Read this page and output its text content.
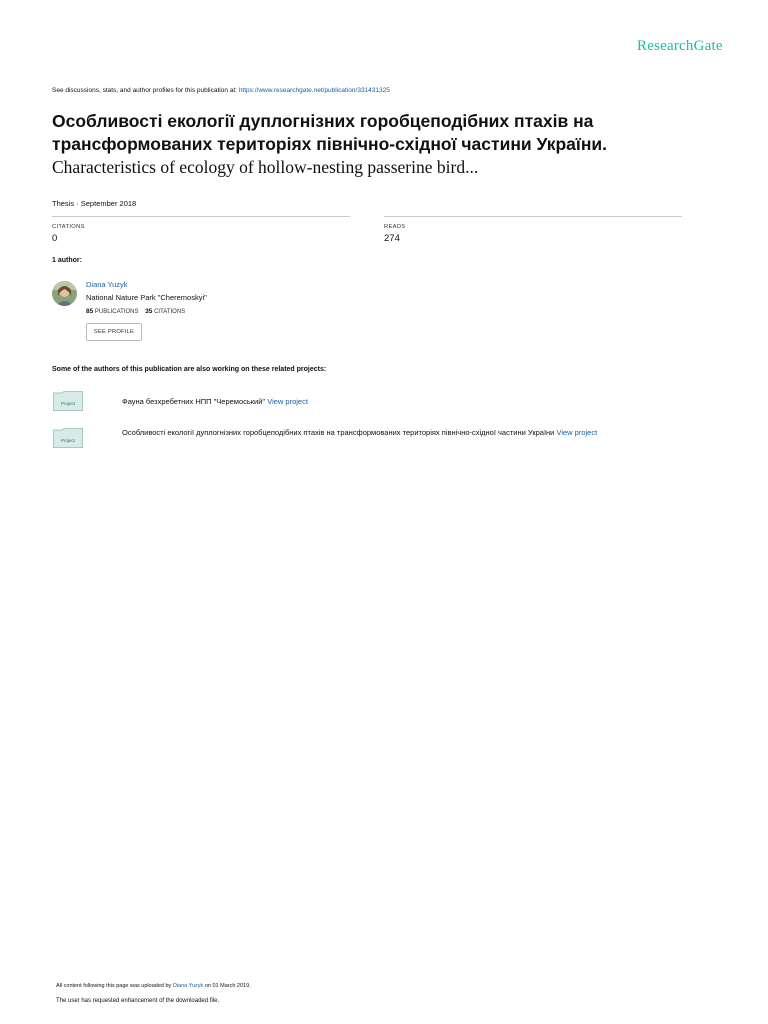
ResearchGate
See discussions, stats, and author profiles for this publication at: https://www.researchgate.net/publication/331431325
Особливості екології дуплогнізних горобцеподібних птахів на трансформованих територіях північно-східної частини України.
Characteristics of ecology of hollow-nesting passerine bird...
Thesis · September 2018
CITATIONS
0
READS
274
1 author:
Diana Yuzyk
National Nature Park "Cheremoskyi"
85 PUBLICATIONS 35 CITATIONS
SEE PROFILE
Some of the authors of this publication are also working on these related projects:
Project	Фауна безхребетних НПП "Черемоський" View project
Project
Особливості екології дуплогнізних горобцеподібних птахів на трансформованих територіях північно-східної частини України View project
All content following this page was uploaded by Diana Yuzyk on 01 March 2019.
The user has requested enhancement of the downloaded file.
